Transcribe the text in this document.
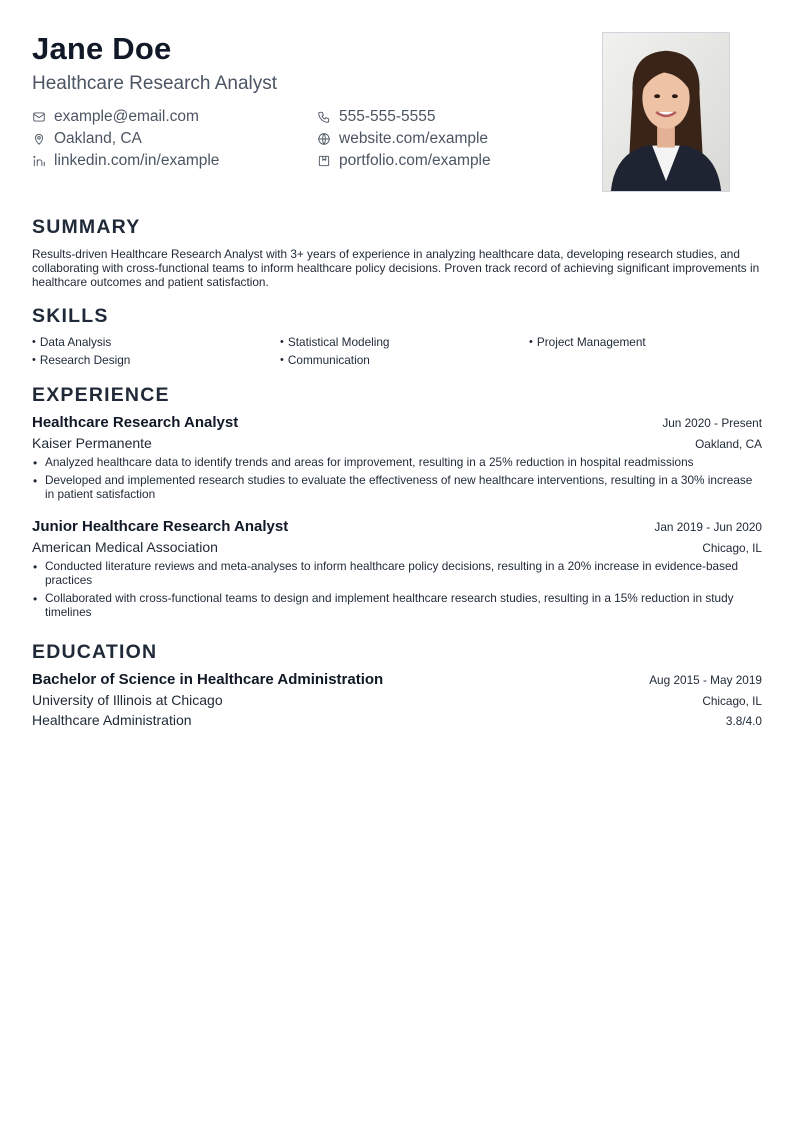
Jane Doe
Healthcare Research Analyst
example@email.com	555-555-5555
Oakland, CA	website.com/example
linkedin.com/in/example	portfolio.com/example
SUMMARY
Results-driven Healthcare Research Analyst with 3+ years of experience in analyzing healthcare data, developing research studies, and collaborating with cross-functional teams to inform healthcare policy decisions. Proven track record of achieving significant improvements in healthcare outcomes and patient satisfaction.
SKILLS
• Data Analysis	• Statistical Modeling	• Project Management
• Research Design	• Communication
EXPERIENCE
Healthcare Research Analyst	Jun 2020 - Present
Kaiser Permanente	Oakland, CA
• Analyzed healthcare data to identify trends and areas for improvement, resulting in a 25% reduction in hospital readmissions
• Developed and implemented research studies to evaluate the effectiveness of new healthcare interventions, resulting in a 30% increase in patient satisfaction
Junior Healthcare Research Analyst	Jan 2019 - Jun 2020
American Medical Association	Chicago, IL
• Conducted literature reviews and meta-analyses to inform healthcare policy decisions, resulting in a 20% increase in evidence-based practices
• Collaborated with cross-functional teams to design and implement healthcare research studies, resulting in a 15% reduction in study timelines
EDUCATION
Bachelor of Science in Healthcare Administration	Aug 2015 - May 2019
University of Illinois at Chicago	Chicago, IL
Healthcare Administration	3.8/4.0
